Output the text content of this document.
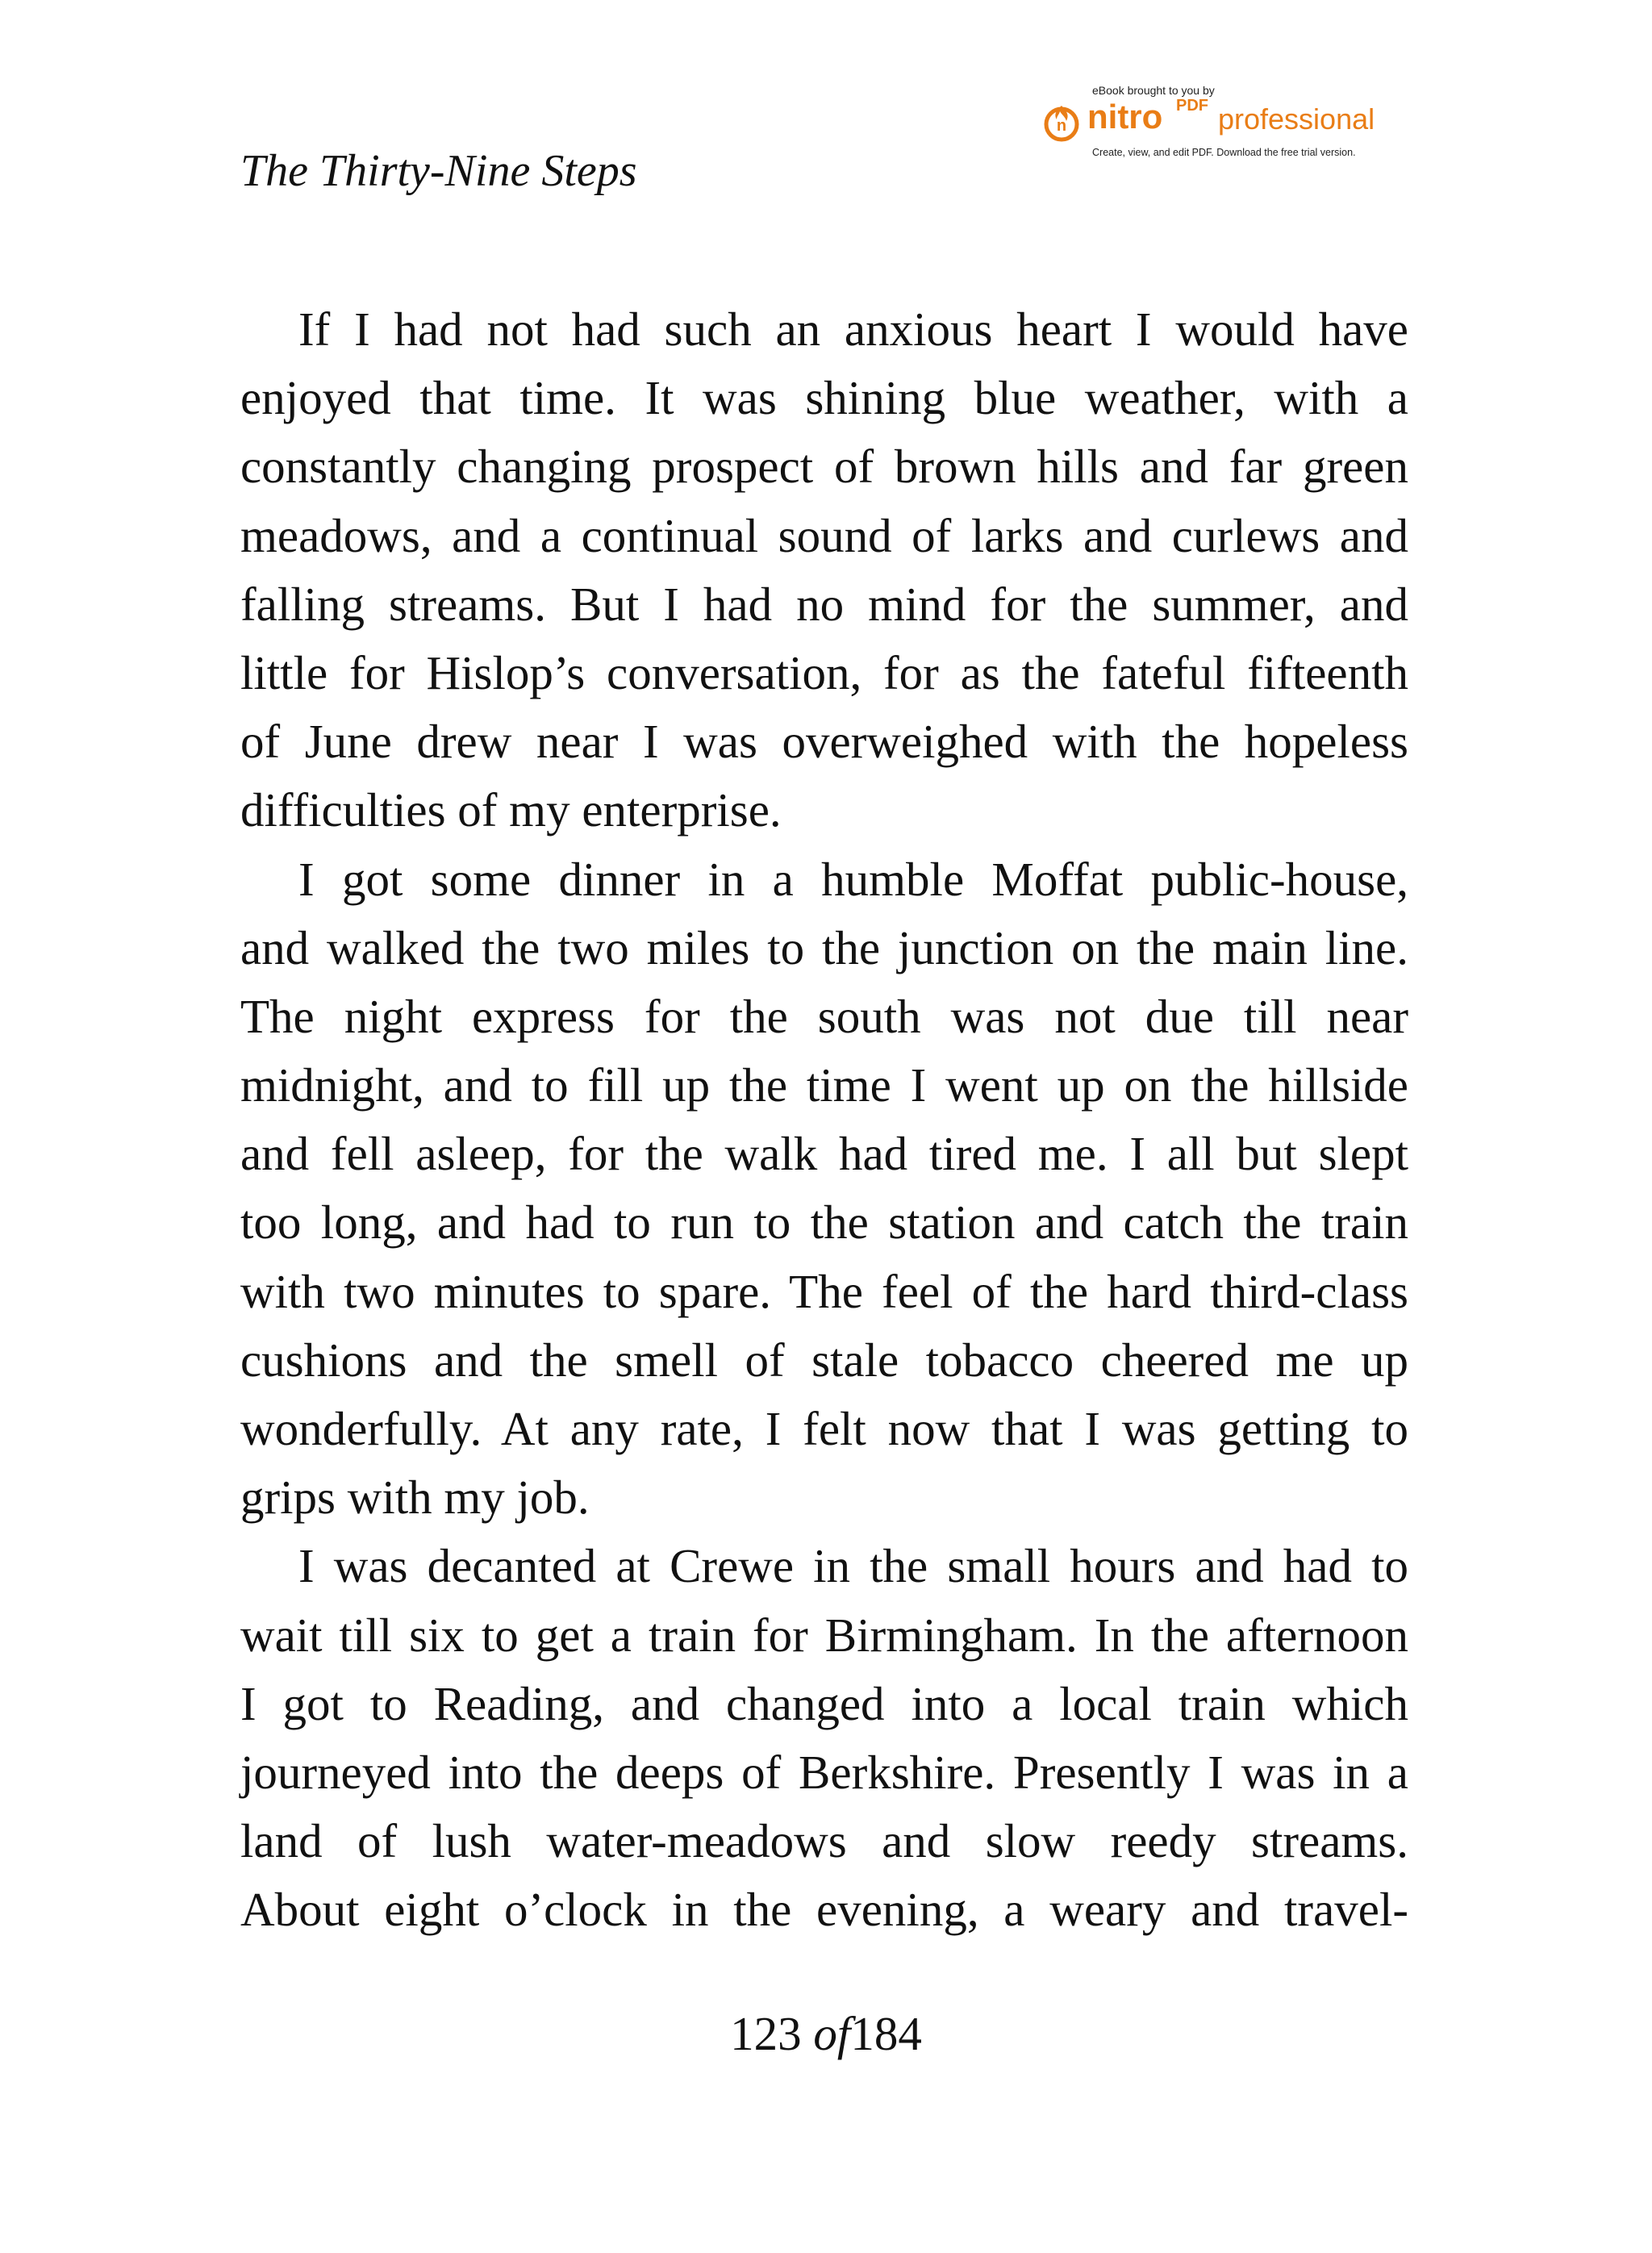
The Thirty-Nine Steps
eBook brought to you by
n nitro PDF professional
Create, view, and edit PDF. Download the free trial version.
If I had not had such an anxious heart I would have
enjoyed that time. It was shining blue weather, with a
constantly changing prospect of brown hills and far green
meadows, and a continual sound of larks and curlews and
falling streams. But I had no mind for the summer, and
little for Hislop’s conversation, for as the fateful fifteenth
of June drew near I was overweighed with the hopeless
difficulties of my enterprise.
I got some dinner in a humble Moffat public-house,
and walked the two miles to the junction on the main line.
The night express for the south was not due till near
midnight, and to fill up the time I went up on the hillside
and fell asleep, for the walk had tired me. I all but slept
too long, and had to run to the station and catch the train
with two minutes to spare. The feel of the hard third-class
cushions and the smell of stale tobacco cheered me up
wonderfully. At any rate, I felt now that I was getting to
grips with my job.
I was decanted at Crewe in the small hours and had to
wait till six to get a train for Birmingham. In the afternoon
I got to Reading, and changed into a local train which
journeyed into the deeps of Berkshire. Presently I was in a
land of lush water-meadows and slow reedy streams.
About eight o’clock in the evening, a weary and travel-
123 of184
